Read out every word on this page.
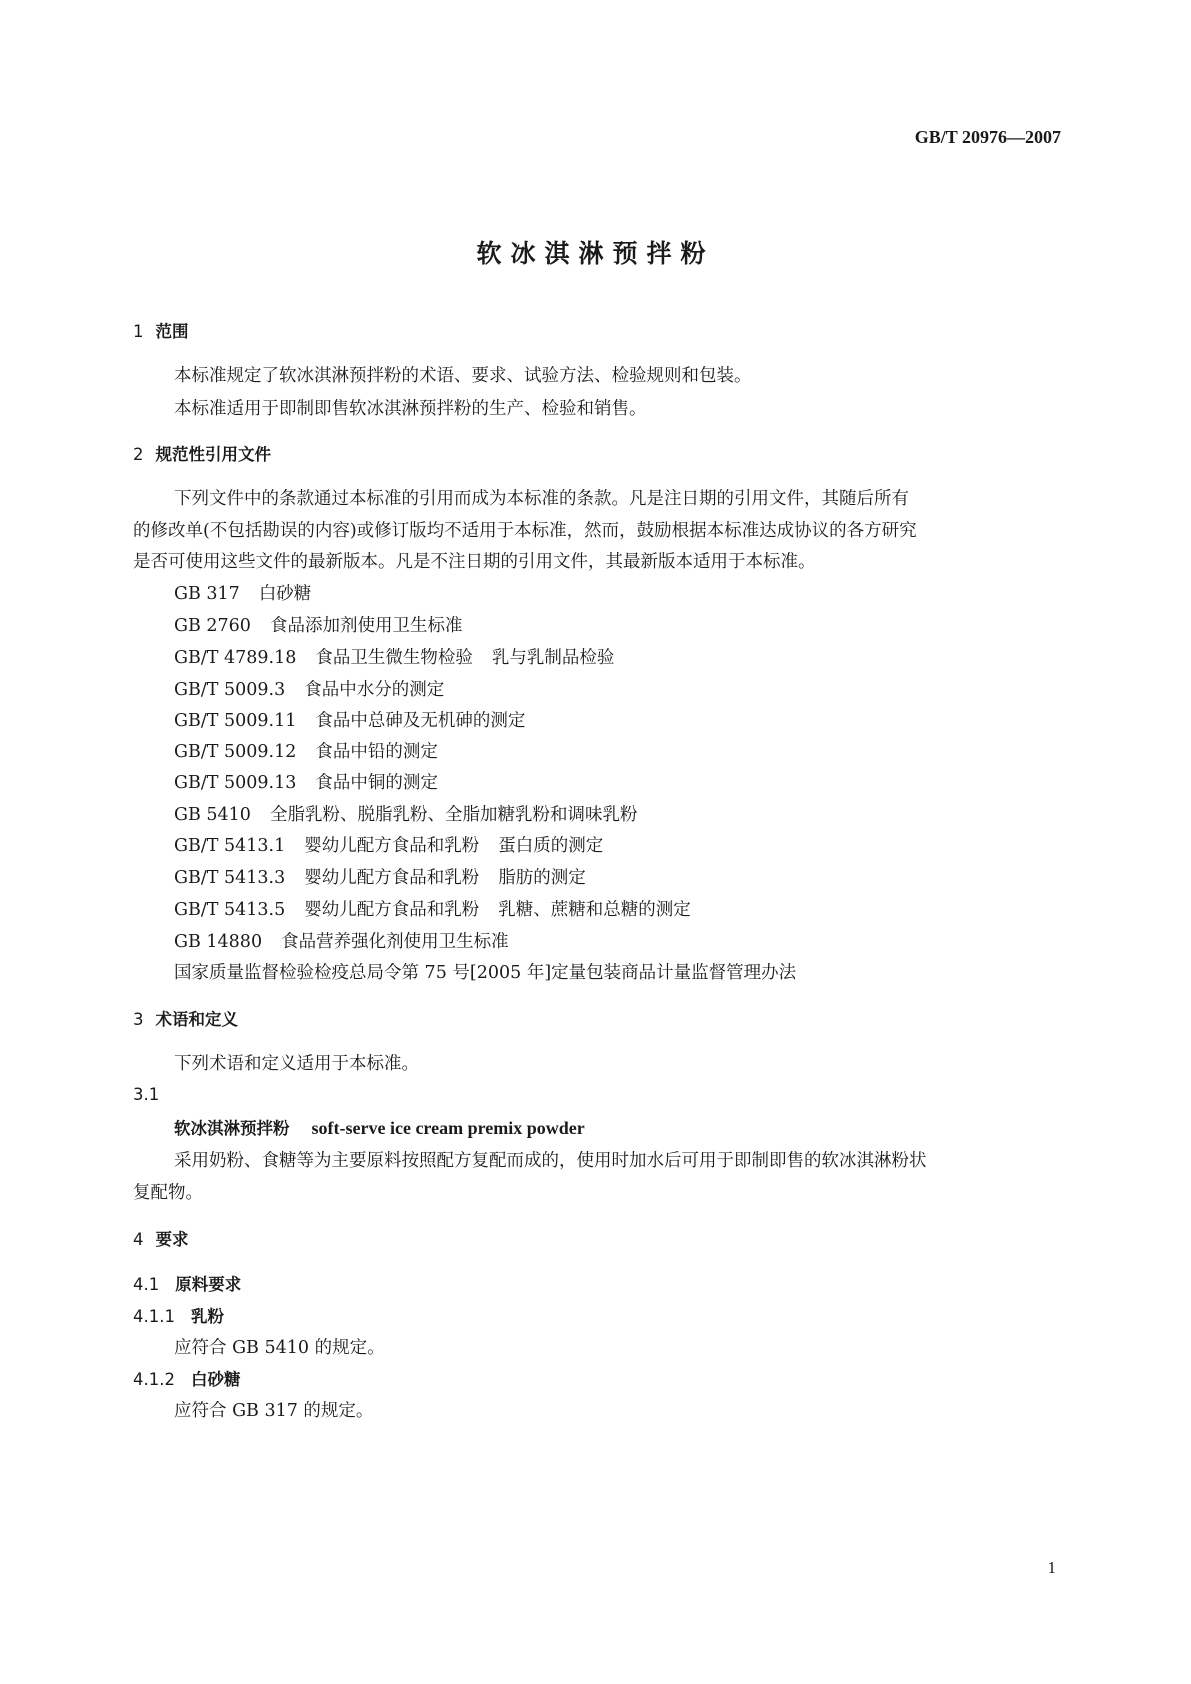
GB/T 20976—2007
软冰淇淋预拌粉
1 范围
本标准规定了软冰淇淋预拌粉的术语、要求、试验方法、检验规则和包装。
本标准适用于即制即售软冰淇淋预拌粉的生产、检验和销售。
2 规范性引用文件
下列文件中的条款通过本标准的引用而成为本标准的条款。凡是注日期的引用文件，其随后所有
的修改单(不包括勘误的内容)或修订版均不适用于本标准，然而，鼓励根据本标准达成协议的各方研究
是否可使用这些文件的最新版本。凡是不注日期的引用文件，其最新版本适用于本标准。
GB 317 白砂糖
GB 2760 食品添加剂使用卫生标准
GB/T 4789.18 食品卫生微生物检验 乳与乳制品检验
GB/T 5009.3 食品中水分的测定
GB/T 5009.11 食品中总砷及无机砷的测定
GB/T 5009.12 食品中铅的测定
GB/T 5009.13 食品中铜的测定
GB 5410 全脂乳粉、脱脂乳粉、全脂加糖乳粉和调味乳粉
GB/T 5413.1 婴幼儿配方食品和乳粉 蛋白质的测定
GB/T 5413.3 婴幼儿配方食品和乳粉 脂肪的测定
GB/T 5413.5 婴幼儿配方食品和乳粉 乳糖、蔗糖和总糖的测定
GB 14880 食品营养强化剂使用卫生标准
国家质量监督检验检疫总局令第 75 号[2005 年]定量包装商品计量监督管理办法
3 术语和定义
下列术语和定义适用于本标准。
3.1
软冰淇淋预拌粉 soft-serve ice cream premix powder
采用奶粉、食糖等为主要原料按照配方复配而成的，使用时加水后可用于即制即售的软冰淇淋粉状
复配物。
4 要求
4.1 原料要求
4.1.1 乳粉
应符合 GB 5410 的规定。
4.1.2 白砂糖
应符合 GB 317 的规定。
1
